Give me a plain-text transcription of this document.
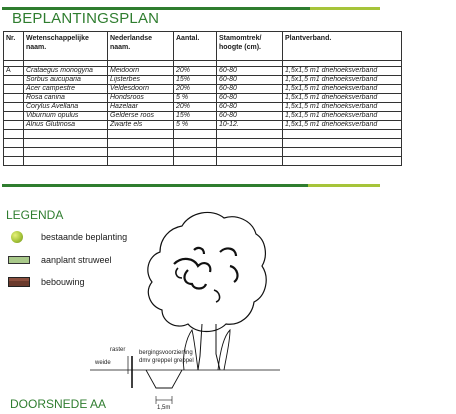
BEPLANTINGSPLAN
Nr.	Wetenschappelijke naam.	Nederlandse naam.	Aantal.	Stamomtrek/ hoogte (cm).	Plantverband.

A	Crataegus monogyna	Meidoorn	20%	60-80	1,5x1,5 m1 driehoeksverband
	Sorbus aucuparia	Lijsterbes	15%	60-80	1,5x1,5 m1 driehoeksverband
	Acer campestre	Veldesdoorn	20%	60-80	1,5x1,5 m1 driehoeksverband
	Rosa canina	Hondsroos	5 %	60-80	1,5x1,5 m1 driehoeksverband
	Corylus Avellana	Hazelaar	20%	60-80	1,5x1,5 m1 driehoeksverband
	Viburnum opulus	Gelderse roos	15%	60-80	1,5x1,5 m1 driehoeksverband
	Alnus Glutinosa	Zwarte els	5 %	10-12.	1,5x1,5 m1 driehoeksverband

LEGENDA
bestaande beplanting
aanplant struweel
bebouwing
raster
weide
bergingsvoorziening
dmv greppel greppel
1,5m
DOORSNEDE AA
